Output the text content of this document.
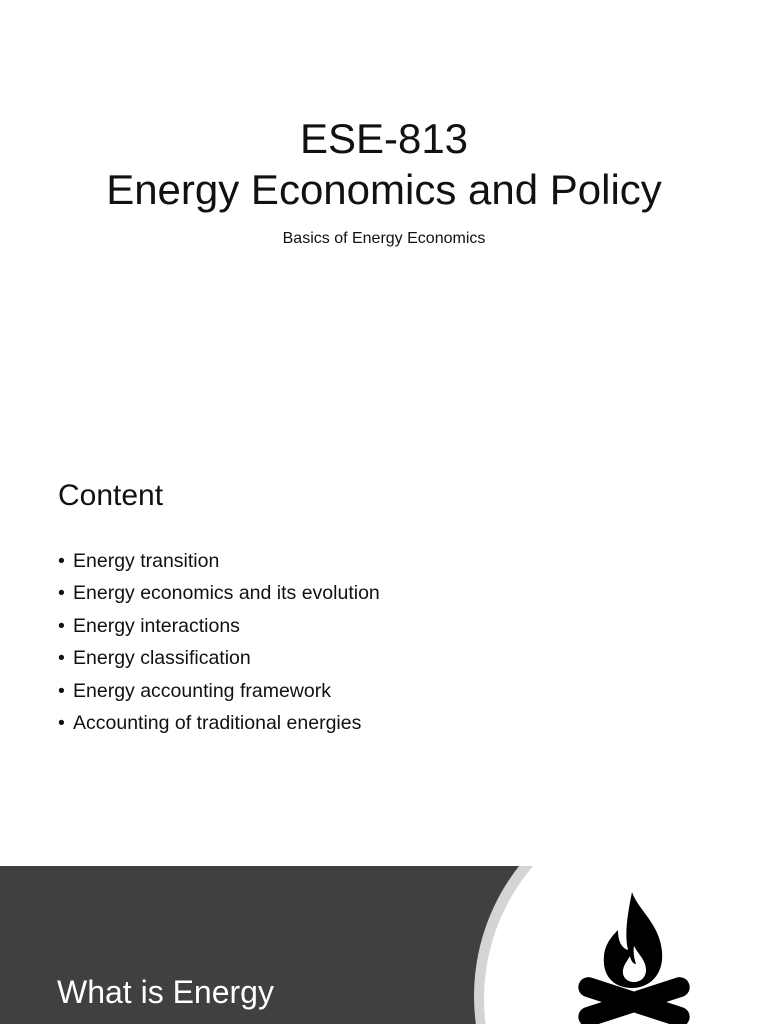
ESE-813
Energy Economics and Policy
Basics of Energy Economics
Content
• Energy transition
• Energy economics and its evolution
• Energy interactions
• Energy classification
• Energy accounting framework
• Accounting of traditional energies
What is Energy
